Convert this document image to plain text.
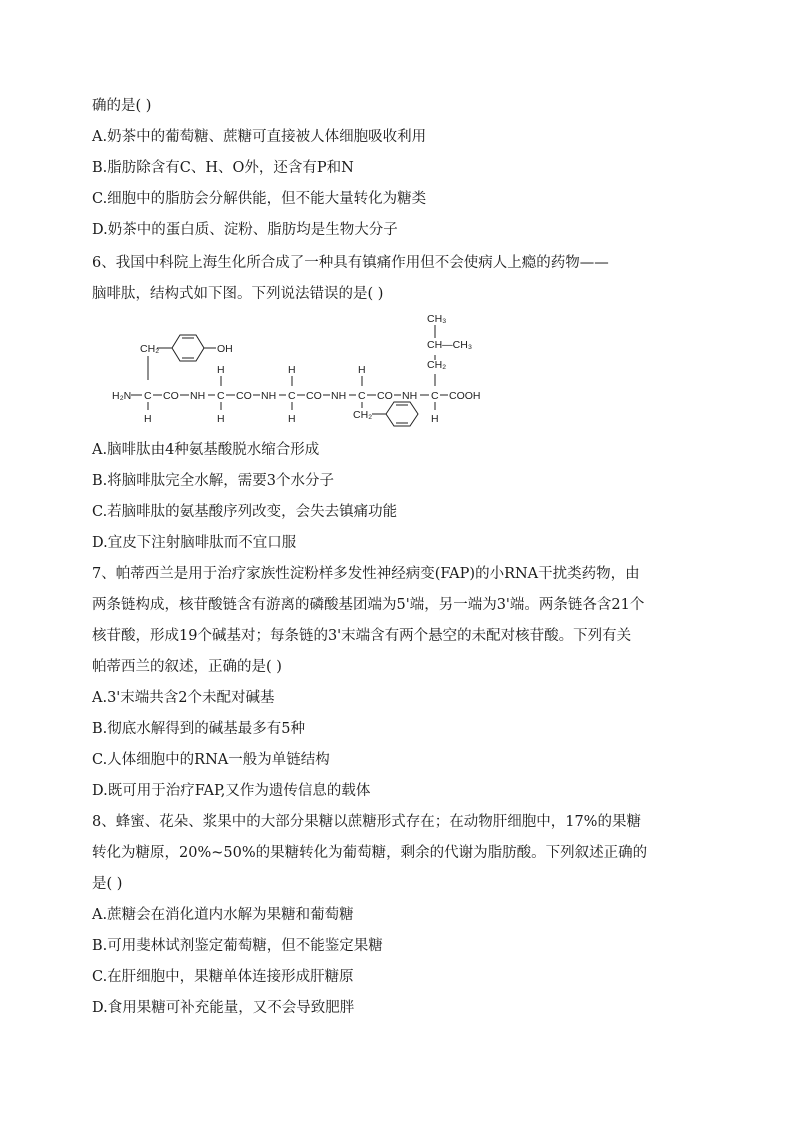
确的是( )
A.奶茶中的葡萄糖、蔗糖可直接被人体细胞吸收利用
B.脂肪除含有C、H、O外，还含有P和N
C.细胞中的脂肪会分解供能，但不能大量转化为糖类
D.奶茶中的蛋白质、淀粉、脂肪均是生物大分子
6、我国中科院上海生化所合成了一种具有镇痛作用但不会使病人上瘾的药物——
脑啡肽，结构式如下图。下列说法错误的是( )
CH₂	OH
H₂N C
H
CO NH
H
C
H
CO NH
H
C
H
CO NH
H
C
CH₂
CO NH C
H
COOH
CH₂
CH—CH₃
CH₃
A.脑啡肽由4种氨基酸脱水缩合形成
B.将脑啡肽完全水解，需要3个水分子
C.若脑啡肽的氨基酸序列改变，会失去镇痛功能
D.宜皮下注射脑啡肽而不宜口服
7、帕蒂西兰是用于治疗家族性淀粉样多发性神经病变(FAP)的小RNA干扰类药物，由
两条链构成，核苷酸链含有游离的磷酸基团端为5'端，另一端为3'端。两条链各含21个
核苷酸，形成19个碱基对；每条链的3'末端含有两个悬空的未配对核苷酸。下列有关
帕蒂西兰的叙述，正确的是( )
A.3'末端共含2个未配对碱基
B.彻底水解得到的碱基最多有5种
C.人体细胞中的RNA一般为单链结构
D.既可用于治疗FAP,又作为遗传信息的载体
8、蜂蜜、花朵、浆果中的大部分果糖以蔗糖形式存在；在动物肝细胞中，17%的果糖
转化为糖原，20%~50%的果糖转化为葡萄糖，剩余的代谢为脂肪酸。下列叙述正确的
是( )
A.蔗糖会在消化道内水解为果糖和葡萄糖
B.可用斐林试剂鉴定葡萄糖，但不能鉴定果糖
C.在肝细胞中，果糖单体连接形成肝糖原
D.食用果糖可补充能量，又不会导致肥胖
